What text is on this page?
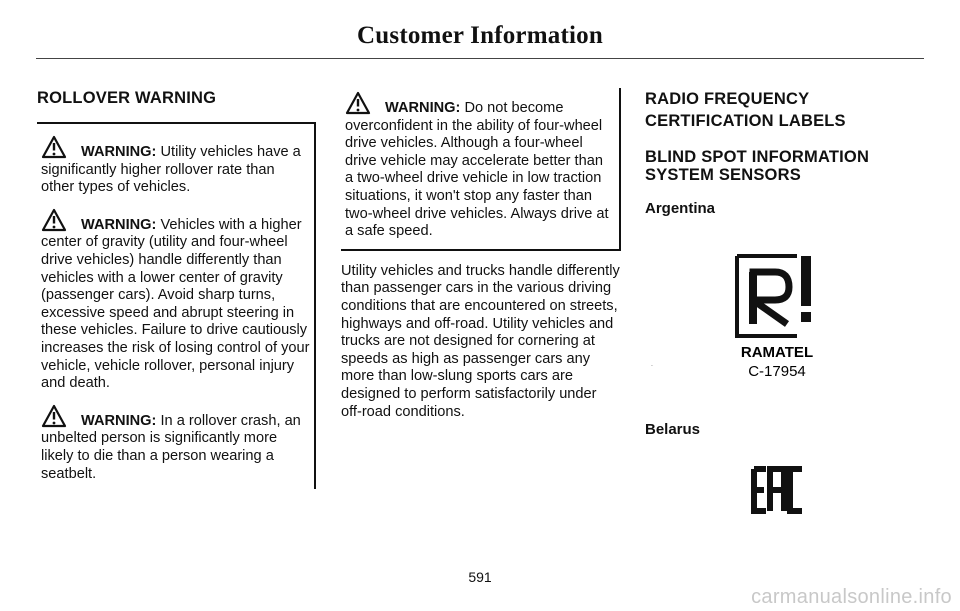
Customer Information
ROLLOVER WARNING
WARNING: Utility vehicles have a significantly higher rollover rate than other types of vehicles.
WARNING: Vehicles with a higher center of gravity (utility and four-wheel drive vehicles) handle differently than vehicles with a lower center of gravity (passenger cars). Avoid sharp turns, excessive speed and abrupt steering in these vehicles. Failure to drive cautiously increases the risk of losing control of your vehicle, vehicle rollover, personal injury and death.
WARNING: In a rollover crash, an unbelted person is significantly more likely to die than a person wearing a seatbelt.
WARNING: Do not become overconfident in the ability of four-wheel drive vehicles. Although a four-wheel drive vehicle may accelerate better than a two-wheel drive vehicle in low traction situations, it won't stop any faster than two-wheel drive vehicles. Always drive at a safe speed.

Utility vehicles and trucks handle differently than passenger cars in the various driving conditions that are encountered on streets, highways and off-road. Utility vehicles and trucks are not designed for cornering at speeds as high as passenger cars any more than low-slung sports cars are designed to perform satisfactorily under off-road conditions.

RADIO FREQUENCY CERTIFICATION LABELS
BLIND SPOT INFORMATION SYSTEM SENSORS
Argentina
RAMATEL
C-17954
Belarus
EAC
591
carmanualsonline.info
